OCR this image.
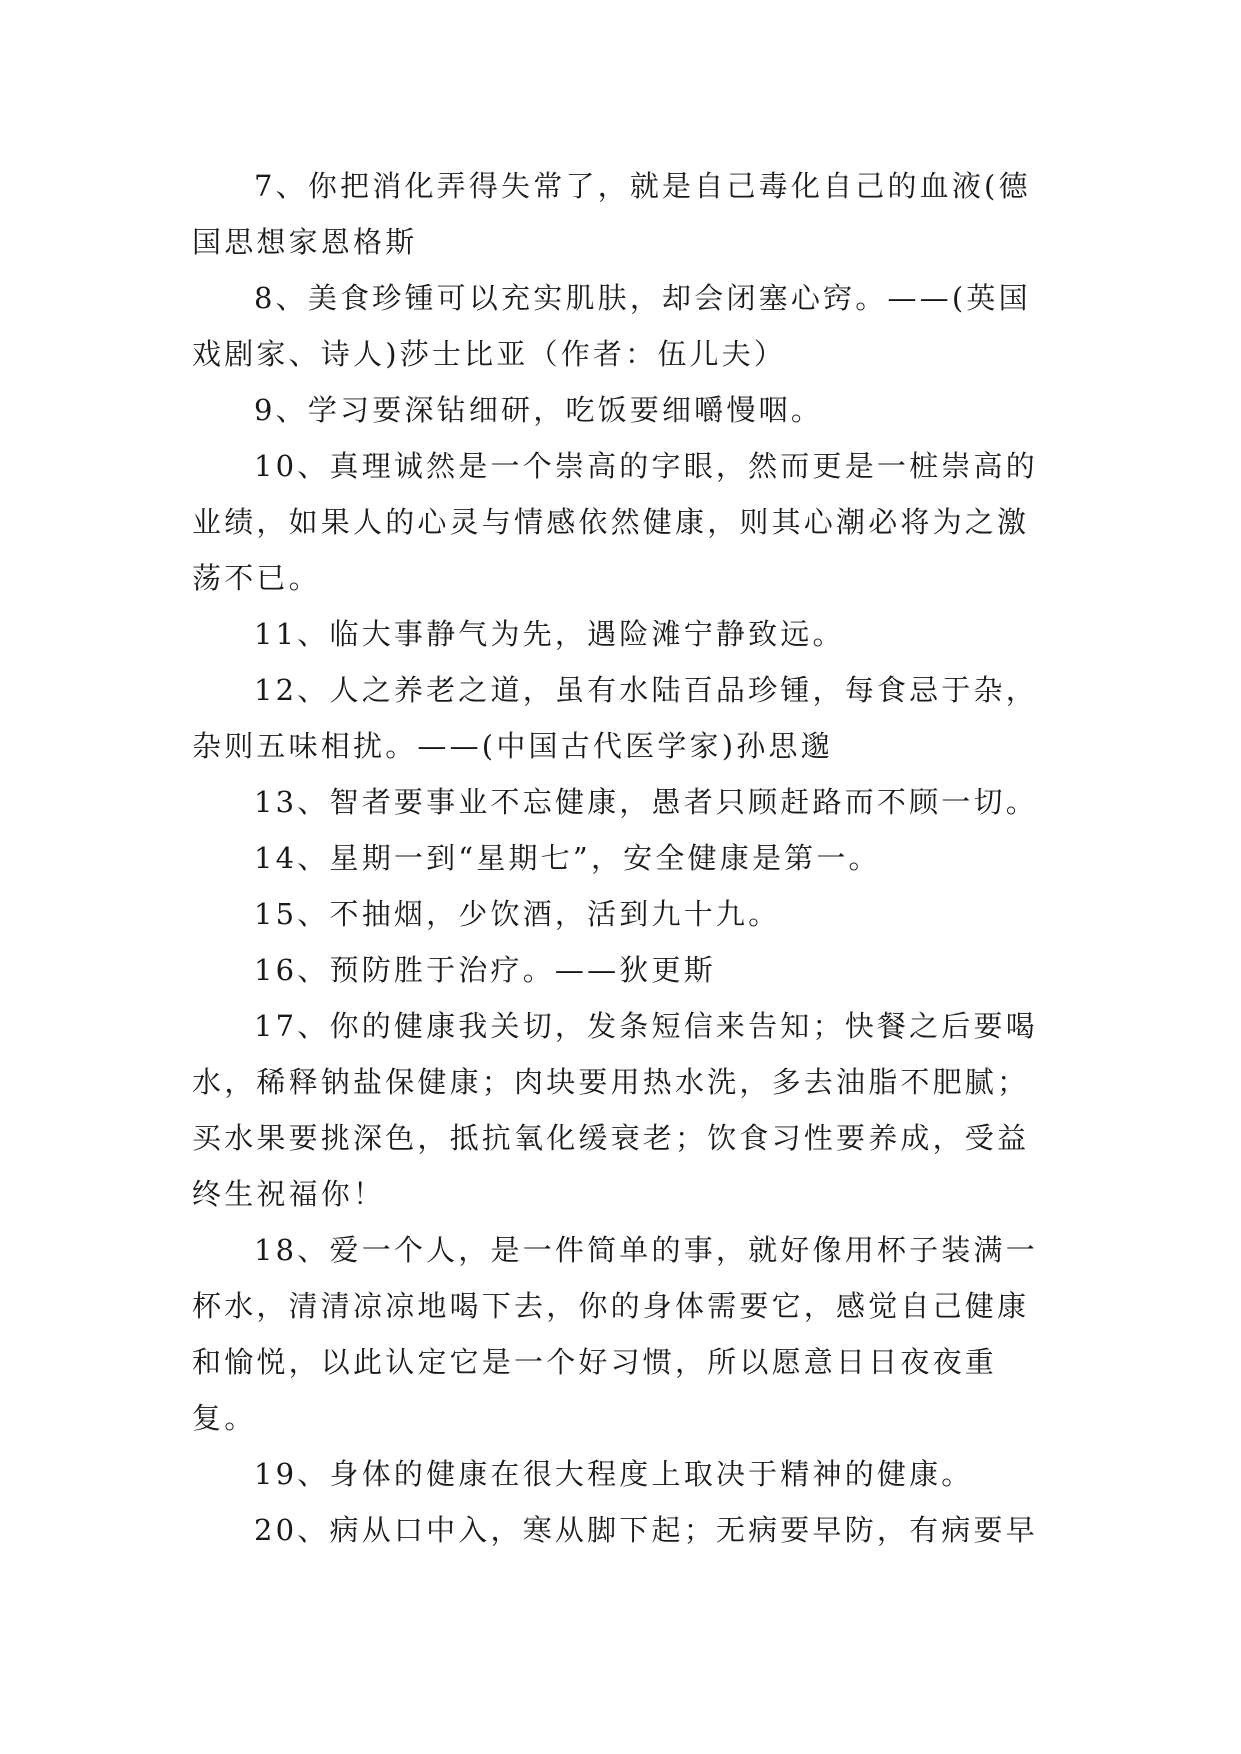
7、你把消化弄得失常了，就是自己毒化自己的血液(德国思想家恩格斯

8、美食珍锺可以充实肌肤，却会闭塞心窍。——(英国戏剧家、诗人)莎士比亚（作者：伍儿夫）

9、学习要深钻细研，吃饭要细嚼慢咽。

10、真理诚然是一个崇高的字眼，然而更是一桩崇高的业绩，如果人的心灵与情感依然健康，则其心潮必将为之激荡不已。

11、临大事静气为先，遇险滩宁静致远。

12、人之养老之道，虽有水陆百品珍锺，每食忌于杂，杂则五味相扰。——(中国古代医学家)孙思邈

13、智者要事业不忘健康，愚者只顾赶路而不顾一切。

14、星期一到“星期七”，安全健康是第一。

15、不抽烟，少饮酒，活到九十九。

16、预防胜于治疗。——狄更斯

17、你的健康我关切，发条短信来告知；快餐之后要喝水，稀释钠盐保健康；肉块要用热水洗，多去油脂不肥腻；买水果要挑深色，抵抗氧化缓衰老；饮食习性要养成，受益终生祝福你！

18、爱一个人，是一件简单的事，就好像用杯子装满一杯水，清清凉凉地喝下去，你的身体需要它，感觉自己健康和愉悦，以此认定它是一个好习惯，所以愿意日日夜夜重复。

19、身体的健康在很大程度上取决于精神的健康。

20、病从口中入，寒从脚下起；无病要早防，有病要早
